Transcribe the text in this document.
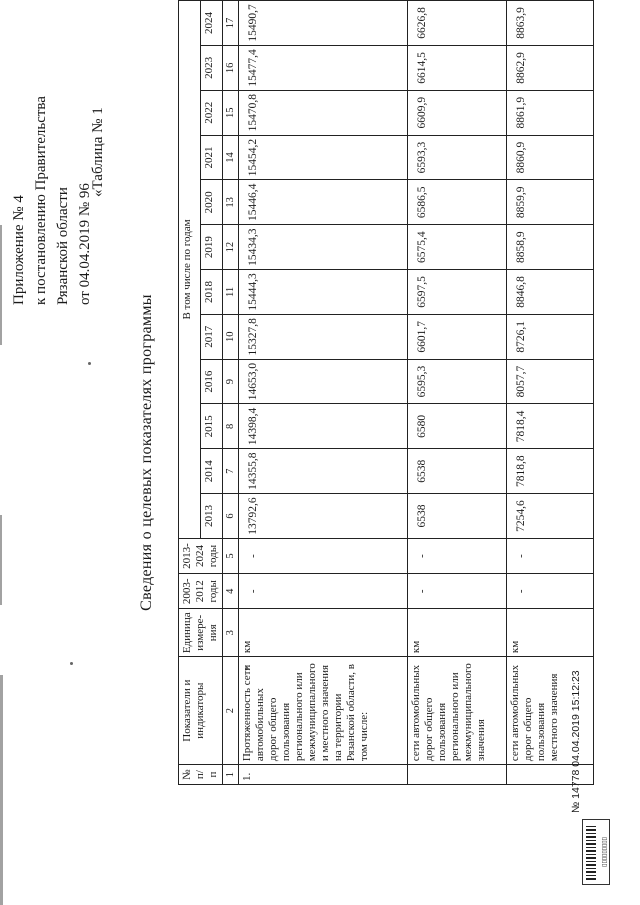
Приложение № 4 к постановлению Правительства Рязанской области от 04.04.2019 № 96
«Таблица № 1
Сведения о целевых показателях программы
№ п/п	Показатели и индикаторы	Единица измере-ния	2003-2012 годы	2013-2024 годы	В том числе по годам											
					2013	2014	2015	2016	2017	2018	2019	2020	2021	2022	2023	2024
1	2	3	4	5	6	7	8	9	10	11	12	13	14	15	16	17
1.	Протяженность сети автомобильных дорог общего пользования регионального или межмуниципального и местного значения на территории Рязанской области, в том числе:	км	-	-	13792,6	14355,8	14398,4	14653,0	15327,8	15444,3	15434,3	15446,4	15454,2	15470,8	15477,4	15490,7
	сети автомобильных дорог общего пользования регионального или межмуниципального значения	км	-	-	6538	6538	6580	6595,3	6601,7	6597,5	6575,4	6586,5	6593,3	6609,9	6614,5	6626,8
	сети автомобильных дорог общего пользования местного значения	км	-	-	7254,6	7818,8	7818,4	8057,7	8726,1	8846,8	8858,9	8859,9	8860,9	8861,9	8862,9	8863,9
▯▯▯▯▯▯▯▯▯
№ 14778 04.04.2019 15:12:23
